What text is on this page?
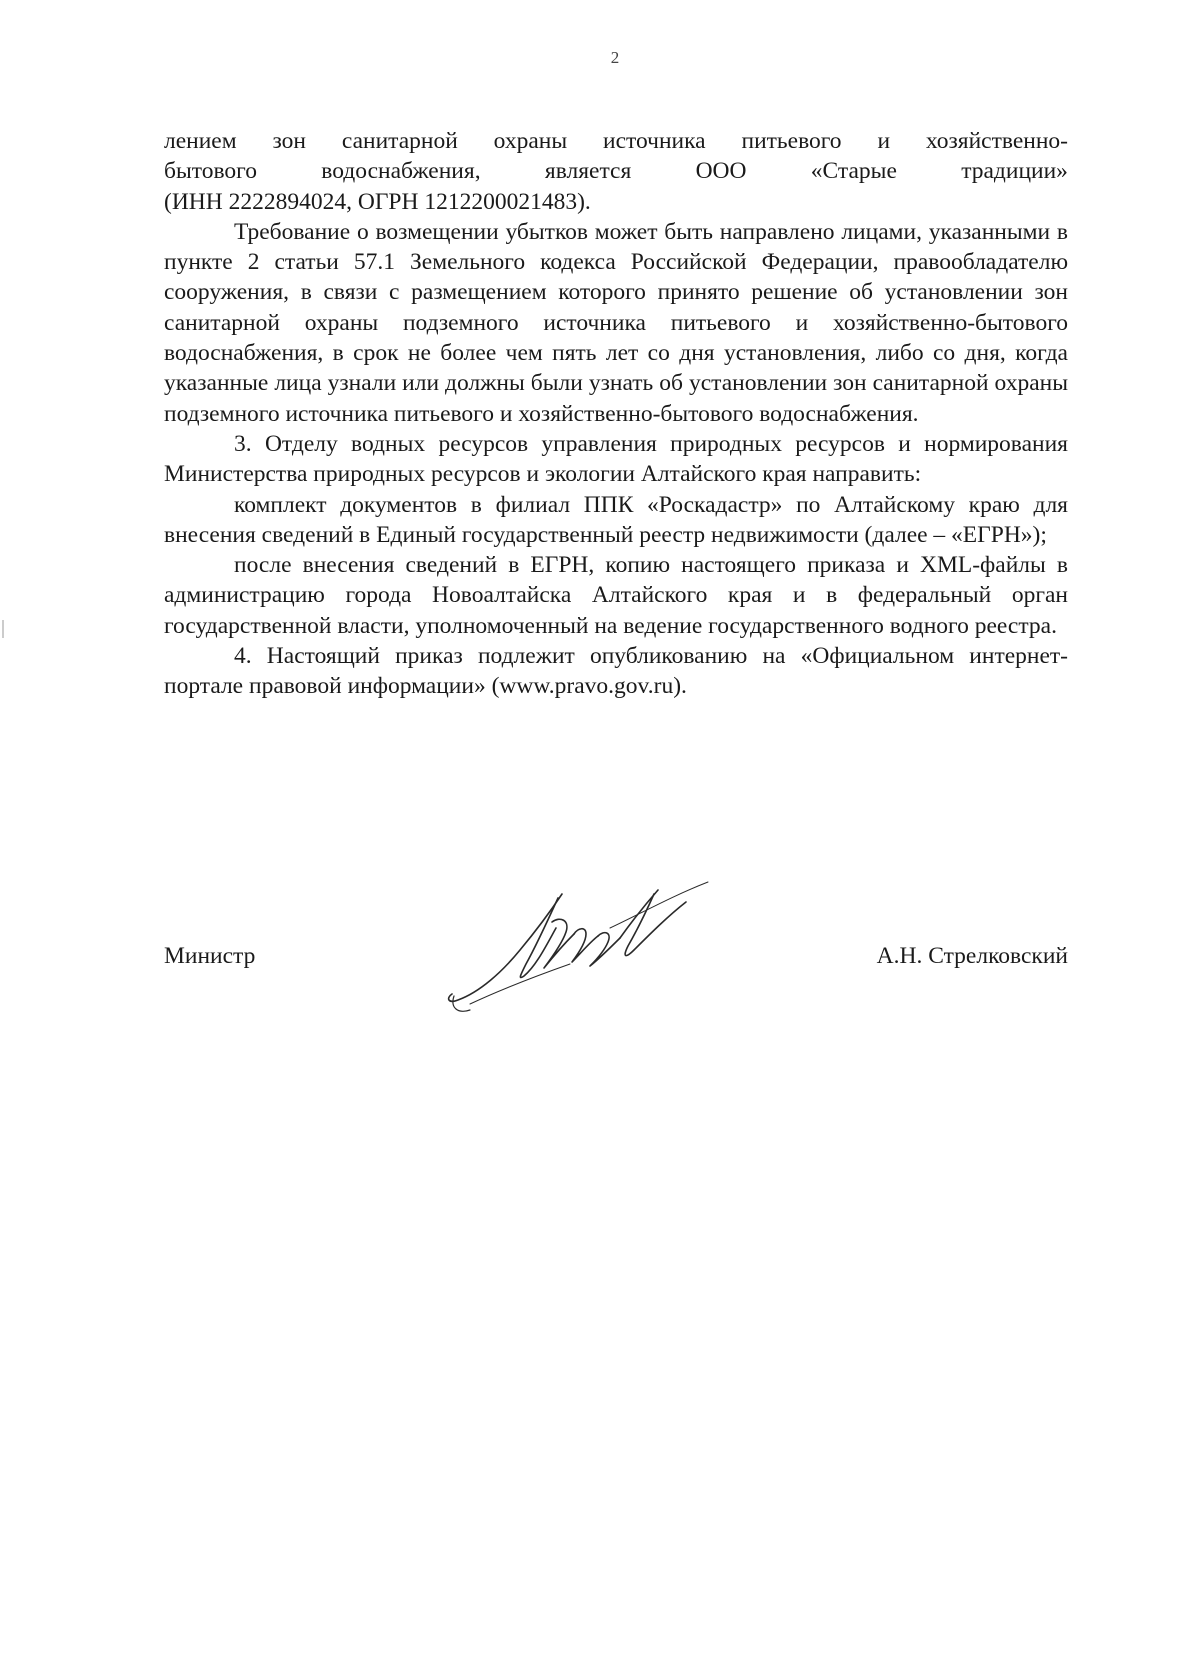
2

лением зон санитарной охраны источника питьевого и хозяйственно-

бытового	водоснабжения,	является	ООО	«Старые	традиции»

(ИНН 2222894024, ОГРН 1212200021483).

Требование о возмещении убытков может быть направлено лицами, указанными в пункте 2 статьи 57.1 Земельного кодекса Российской Федерации, правообладателю сооружения, в связи с размещением которого принято решение об установлении зон санитарной охраны подземного источника питьевого и хозяйственно-бытового водоснабжения, в срок не более чем пять лет со дня установления, либо со дня, когда указанные лица узнали или должны были узнать об установлении зон санитарной охраны подземного источника питьевого и хозяйственно-бытового водоснабжения.

3. Отделу водных ресурсов управления природных ресурсов и нормирования Министерства природных ресурсов и экологии Алтайского края направить:

комплект документов в филиал ППК «Роскадастр» по Алтайскому краю для внесения сведений в Единый государственный реестр недвижимости (далее – «ЕГРН»);

после внесения сведений в ЕГРН, копию настоящего приказа и XML-файлы в администрацию города Новоалтайска Алтайского края и в федеральный орган государственной власти, уполномоченный на ведение государственного водного реестра.

4. Настоящий приказ подлежит опубликованию на «Официальном интернет-портале правовой информации» (www.pravo.gov.ru).

Министр	А.Н. Стрелковский
